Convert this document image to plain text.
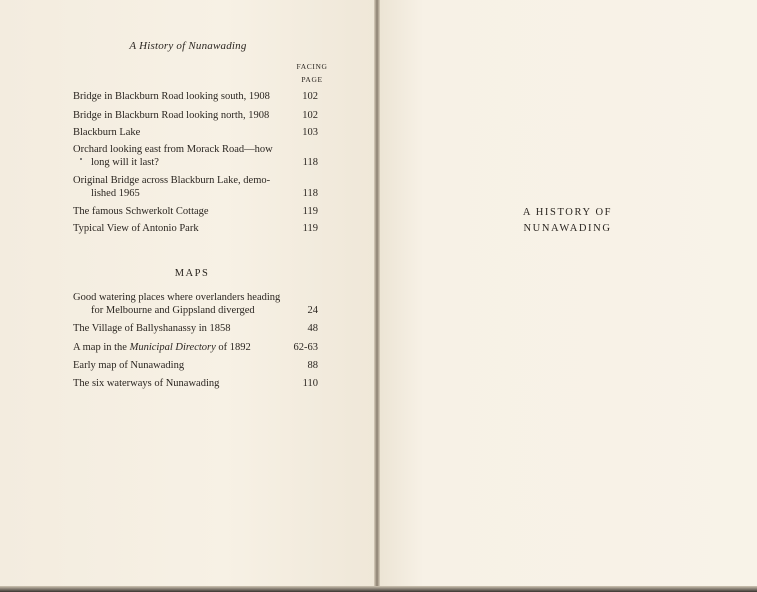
A History of Nunawading
FACING
PAGE
Bridge in Blackburn Road looking south, 1908	102
Bridge in Blackburn Road looking north, 1908	102
Blackburn Lake	103
Orchard looking east from Morack Road—how
long will it last?	118
Original Bridge across Blackburn Lake, demo-
lished 1965	118
The famous Schwerkolt Cottage	119
Typical View of Antonio Park	119
MAPS
Good watering places where overlanders heading
for Melbourne and Gippsland diverged	24
The Village of Ballyshanassy in 1858	48
A map in the Municipal Directory of 1892	62-63
Early map of Nunawading	88
The six waterways of Nunawading	110
A HISTORY OF
NUNAWADING
